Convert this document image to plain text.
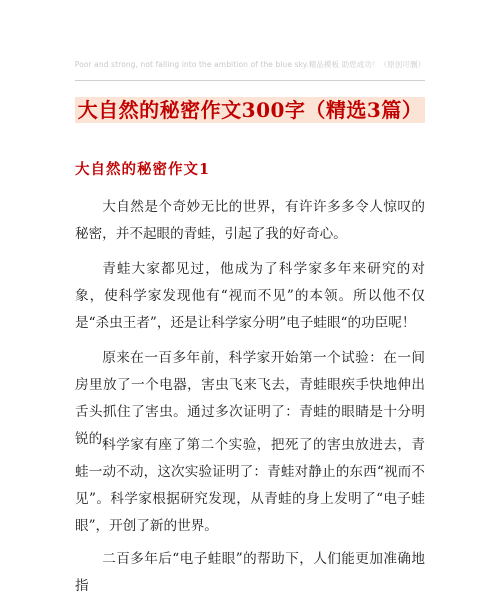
Poor and strong, not falling into the ambition of the blue sky.精品模板 助您成功！（原创可删）
大自然的秘密作文300字（精选3篇）
大自然的秘密作文1

大自然是个奇妙无比的世界，有许许多多令人惊叹的秘密，并不起眼的青蛙，引起了我的好奇心。

青蛙大家都见过，他成为了科学家多年来研究的对象，使科学家发现他有“视而不见”的本领。所以他不仅是“杀虫王者”，还是让科学家分明”电子蛙眼“的功臣呢！

原来在一百多年前，科学家开始第一个试验：在一间房里放了一个电器，害虫飞来飞去，青蛙眼疾手快地伸出舌头抓住了害虫。通过多次证明了：青蛙的眼睛是十分明锐的。

科学家有座了第二个实验，把死了的害虫放进去，青蛙一动不动，这次实验证明了：青蛙对静止的东西“视而不见”。科学家根据研究发现，从青蛙的身上发明了“电子蛙眼”，开创了新的世界。

二百多年后“电子蛙眼”的帮助下，人们能更加准确地指
